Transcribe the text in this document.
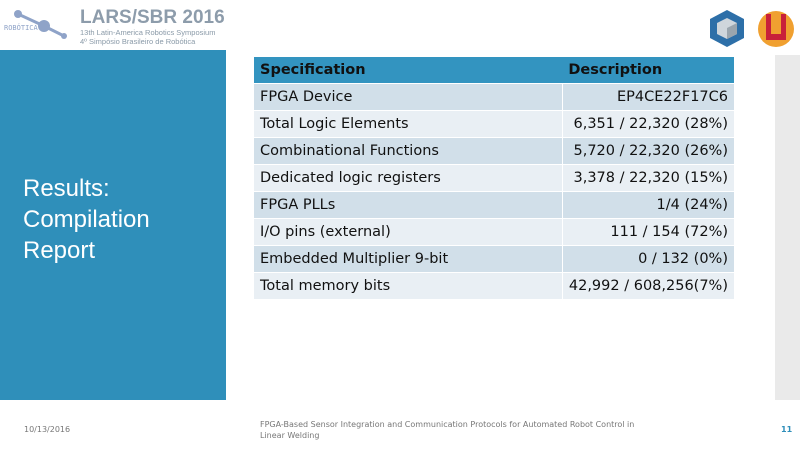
ROBÓTICA LARS/SBR 2016
13th Latin-America Robotics Symposium
4º Simpósio Brasileiro de Robótica
Results: Compilation Report
Specification	Description
FPGA Device	EP4CE22F17C6
Total Logic Elements	6,351 / 22,320 (28%)
Combinational Functions	5,720 / 22,320 (26%)
Dedicated logic registers	3,378 / 22,320 (15%)
FPGA PLLs	1/4 (24%)
I/O pins (external)	111 / 154 (72%)
Embedded Multiplier 9-bit	0 / 132 (0%)
Total memory bits	42,992 / 608,256(7%)
10/13/2016
FPGA-Based Sensor Integration and Communication Protocols for Automated Robot Control in Linear Welding
11
